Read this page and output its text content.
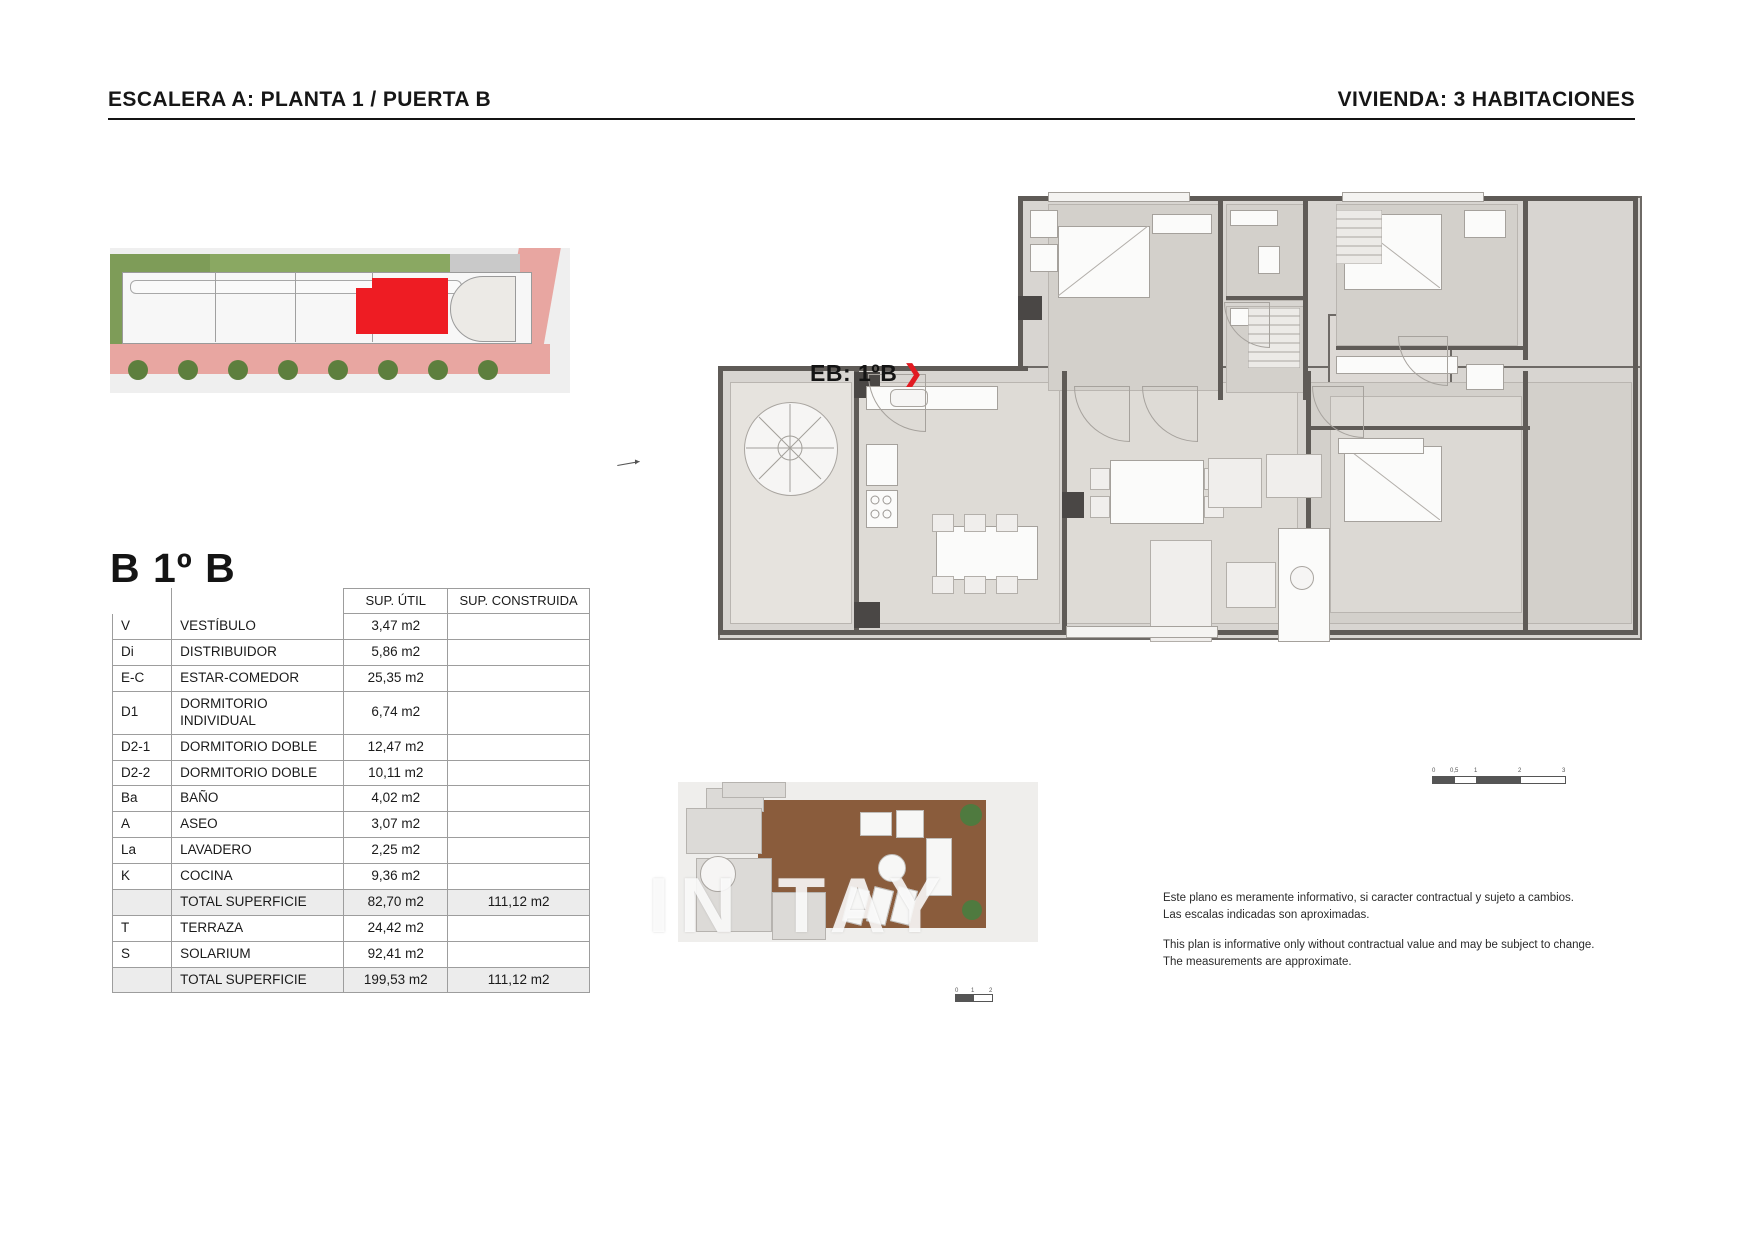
ESCALERA A: PLANTA 1 / PUERTA B	VIVIENDA: 3 HABITACIONES
B 1º B
		SUP. ÚTIL	SUP. CONSTRUIDA
V	VESTÍBULO	3,47 m2	
Di	DISTRIBUIDOR	5,86 m2	
E-C	ESTAR-COMEDOR	25,35 m2	
D1	DORMITORIO INDIVIDUAL	6,74 m2	
D2-1	DORMITORIO DOBLE	12,47 m2	
D2-2	DORMITORIO DOBLE	10,11 m2	
Ba	BAÑO	4,02 m2	
A	ASEO	3,07 m2	
La	LAVADERO	2,25 m2	
K	COCINA	9,36 m2	
	TOTAL SUPERFICIE	82,70 m2	111,12 m2
T	TERRAZA	24,42 m2	
S	SOLARIUM	92,41 m2	
	TOTAL SUPERFICIE	199,53 m2	111,12 m2
EB: 1ºB ❯
0 0,5	1	2	3
0 1 2
IN TAY	Este plano es meramente informativo, si caracter contractual y sujeto a cambios.
Las escalas indicadas son aproximadas.
This plan is informative only without contractual value and may be subject to change.
The measurements are approximate.
